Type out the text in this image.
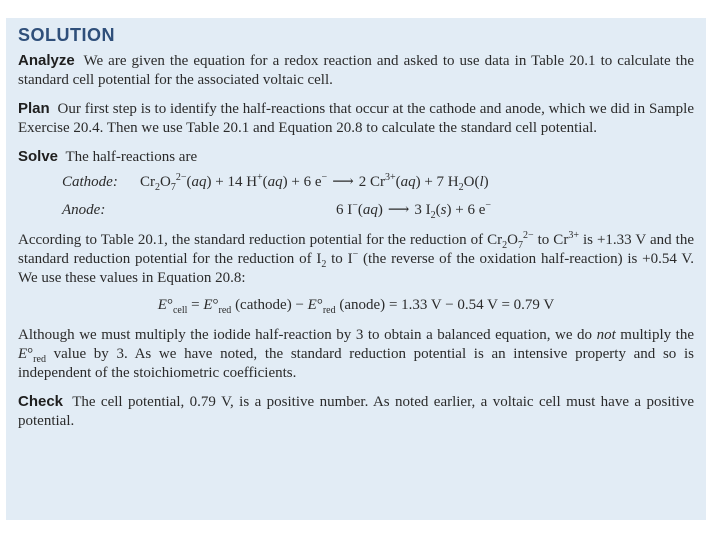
SOLUTION

Analyze We are given the equation for a redox reaction and asked to use data in Table 20.1 to calculate the standard cell potential for the associated voltaic cell.

Plan Our first step is to identify the half-reactions that occur at the cathode and anode, which we did in Sample Exercise 20.4. Then we use Table 20.1 and Equation 20.8 to calculate the standard cell potential.

Solve The half-reactions are

Cathode: $Cr_2O_7^{2-}(aq) + 14$ H+(aq) + 6 e− ⟶ 2 $Cr^{3+}(aq) + 7$ $H_2O(l)$
Anode:	6 I−(aq) ⟶ 3 $I_2(s) + 6$ e−

According to Table 20.1, the standard reduction potential for the reduction of $Cr_2O_7^{2-}$ to $Cr^{3+}$ is +1.33 V and the standard reduction potential for the reduction of $I_2$ to I− (the reverse of the oxidation half-reaction) is +0.54 V. We use these values in Equation 20.8:

$E^\circ_{cell} = E^\circ_{red}$ (cathode) − $E^\circ_{red}$ (anode) = 1.33 V − 0.54 V = 0.79 V

Although we must multiply the iodide half-reaction by 3 to obtain a balanced equation, we do not multiply the $E^\circ_{red}$ value by 3. As we have noted, the standard reduction potential is an intensive property and so is independent of the stoichiometric coefficients.

Check The cell potential, 0.79 V, is a positive number. As noted earlier, a voltaic cell must have a positive potential.
